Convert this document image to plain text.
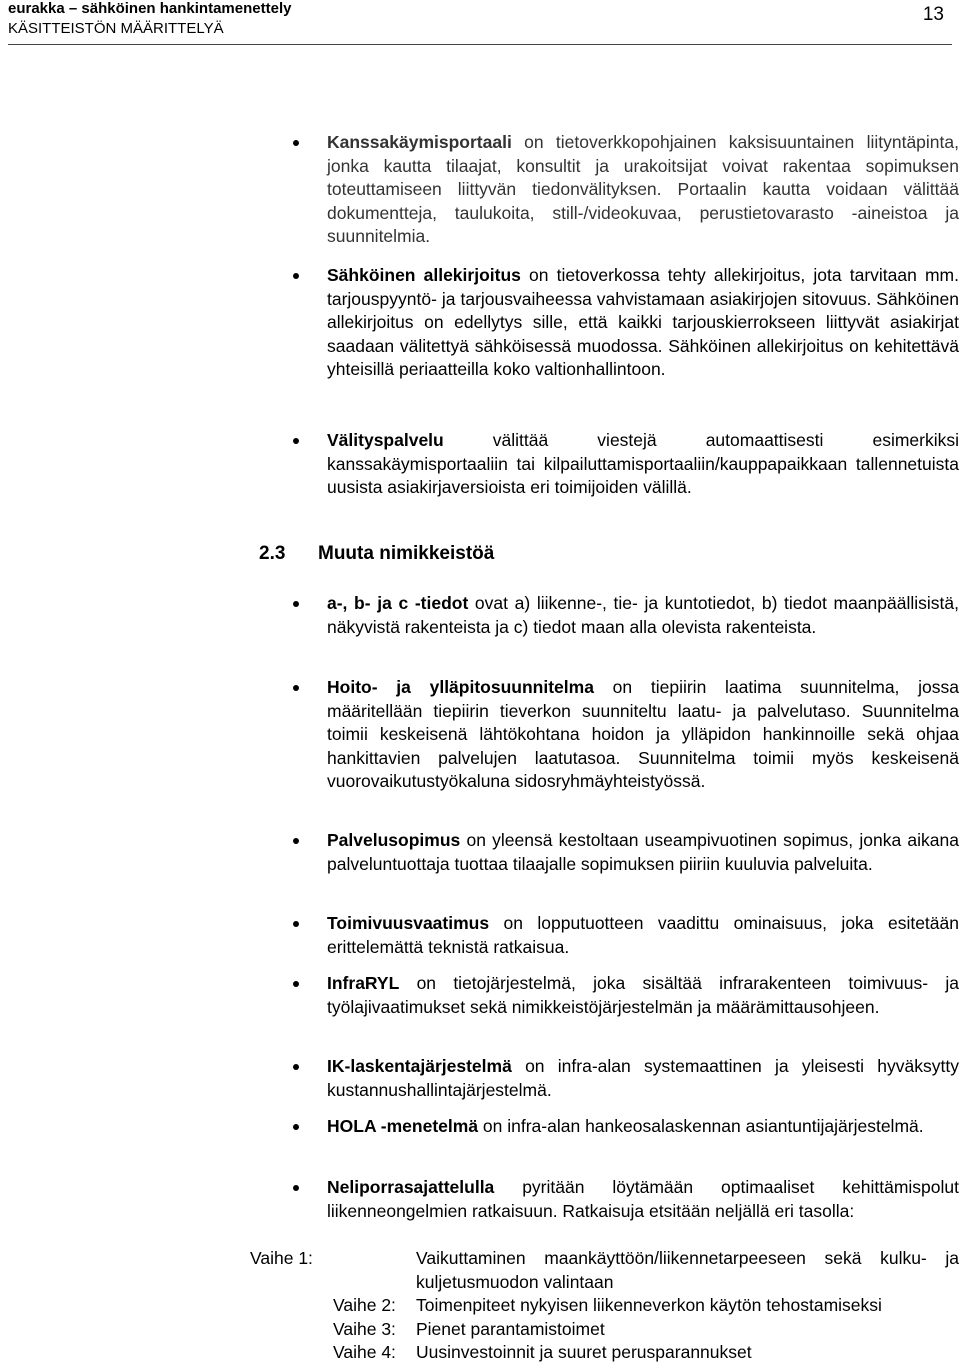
eurakka – sähköinen hankintamenettely
KÄSITTEISTÖN MÄÄRITTELYÄ
13

Kanssakäymisportaali on tietoverkkopohjainen kaksisuuntainen liityntäpinta, jonka kautta tilaajat, konsultit ja urakoitsijat voivat rakentaa sopimuksen toteuttamiseen liittyvän tiedonvälityksen. Portaalin kautta voidaan välittää dokumentteja, taulukoita, still-/videokuvaa, perustietovarasto -aineistoa ja suunnitelmia.

Sähköinen allekirjoitus on tietoverkossa tehty allekirjoitus, jota tarvitaan mm. tarjouspyyntö- ja tarjousvaiheessa vahvistamaan asiakirjojen sitovuus. Sähköinen allekirjoitus on edellytys sille, että kaikki tarjouskierrokseen liittyvät asiakirjat saadaan välitettyä sähköisessä muodossa. Sähköinen allekirjoitus on kehitettävä yhteisillä periaatteilla koko valtionhallintoon.

Välityspalvelu välittää viestejä automaattisesti esimerkiksi kanssakäymisportaaliin tai kilpailuttamisportaaliin/kauppapaikkaan tallennetuista uusista asiakirjaversioista eri toimijoiden välillä.

2.3 Muuta nimikkeistöä

a-, b- ja c -tiedot ovat a) liikenne-, tie- ja kuntotiedot, b) tiedot maanpäällisistä, näkyvistä rakenteista ja c) tiedot maan alla olevista rakenteista.

Hoito- ja ylläpitosuunnitelma on tiepiirin laatima suunnitelma, jossa määritellään tiepiirin tieverkon suunniteltu laatu- ja palvelutaso. Suunnitelma toimii keskeisenä lähtökohtana hoidon ja ylläpidon hankinnoille sekä ohjaa hankittavien palvelujen laatutasoa. Suunnitelma toimii myös keskeisenä vuorovaikutustyökaluna sidosryhmäyhteistyössä.

Palvelusopimus on yleensä kestoltaan useampivuotinen sopimus, jonka aikana palveluntuottaja tuottaa tilaajalle sopimuksen piiriin kuuluvia palveluita.

Toimivuusvaatimus on lopputuotteen vaadittu ominaisuus, joka esitetään erittelemättä teknistä ratkaisua.

InfraRYL on tietojärjestelmä, joka sisältää infrarakenteen toimivuus- ja työlajivaatimukset sekä nimikkeistöjärjestelmän ja määrämittausohjeen.

IK-laskentajärjestelmä on infra-alan systemaattinen ja yleisesti hyväksytty kustannushallintajärjestelmä.

HOLA -menetelmä on infra-alan hankeosalaskennan asiantuntijajärjestelmä.

Neliporrasajattelulla pyritään löytämään optimaaliset kehittämispolut liikenneongelmien ratkaisuun. Ratkaisuja etsitään neljällä eri tasolla:

Vaihe 1:	Vaikuttaminen maankäyttöön/liikennetarpeeseen sekä kulku- ja kuljetusmuodon valintaan
Vaihe 2: Toimenpiteet nykyisen liikenneverkon käytön tehostamiseksi
Vaihe 3: Pienet parantamistoimet
Vaihe 4: Uusinvestoinnit ja suuret perusparannukset
